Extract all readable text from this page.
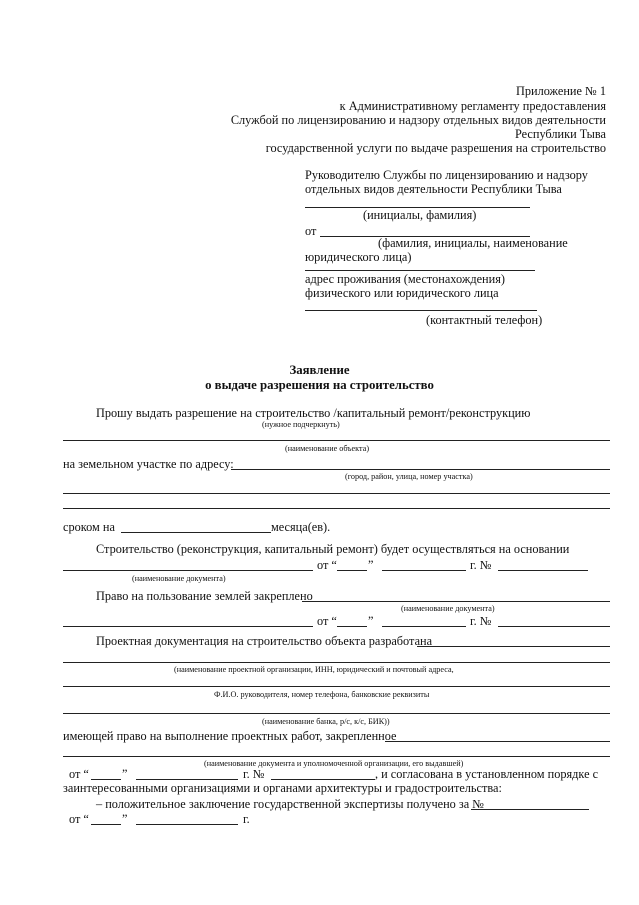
Приложение № 1
к Административному регламенту предоставления
Службой по лицензированию и надзору отдельных видов деятельности
Республики Тыва
государственной услуги по выдаче разрешения на строительство
Руководителю Службы по лицензированию и надзору
отдельных видов деятельности Республики Тыва
(инициалы, фамилия)
от
(фамилия, инициалы, наименование
юридического лица)
адрес проживания (местонахождения)
физического или юридического лица
(контактный телефон)
Заявление
о выдаче разрешения на строительство
Прошу выдать разрешение на строительство /капитальный ремонт/реконструкцию
(нужное подчеркнуть)
(наименование объекта)
на земельном участке по адресу:
(город, район, улица, номер участка)
сроком на	месяца(ев).
Строительство (реконструкция, капитальный ремонт) будет осуществляться на основании
от “	”	г. №
(наименование документа)
Право на пользование землей закреплено
(наименование документа)
от “	”	г. №
Проектная документация на строительство объекта разработана
(наименование проектной организации, ИНН, юридический и почтовый адреса,
Ф.И.О. руководителя, номер телефона, банковские реквизиты
(наименование банка, р/с, к/с, БИК))
имеющей право на выполнение проектных работ, закрепленное
(наименование документа и уполномоченной организации, его выдавшей)
от “	”	г. №	, и согласована в установленном порядке с
заинтересованными организациями и органами архитектуры и градостроительства:
– положительное заключение государственной экспертизы получено за №
от “	”	г.
